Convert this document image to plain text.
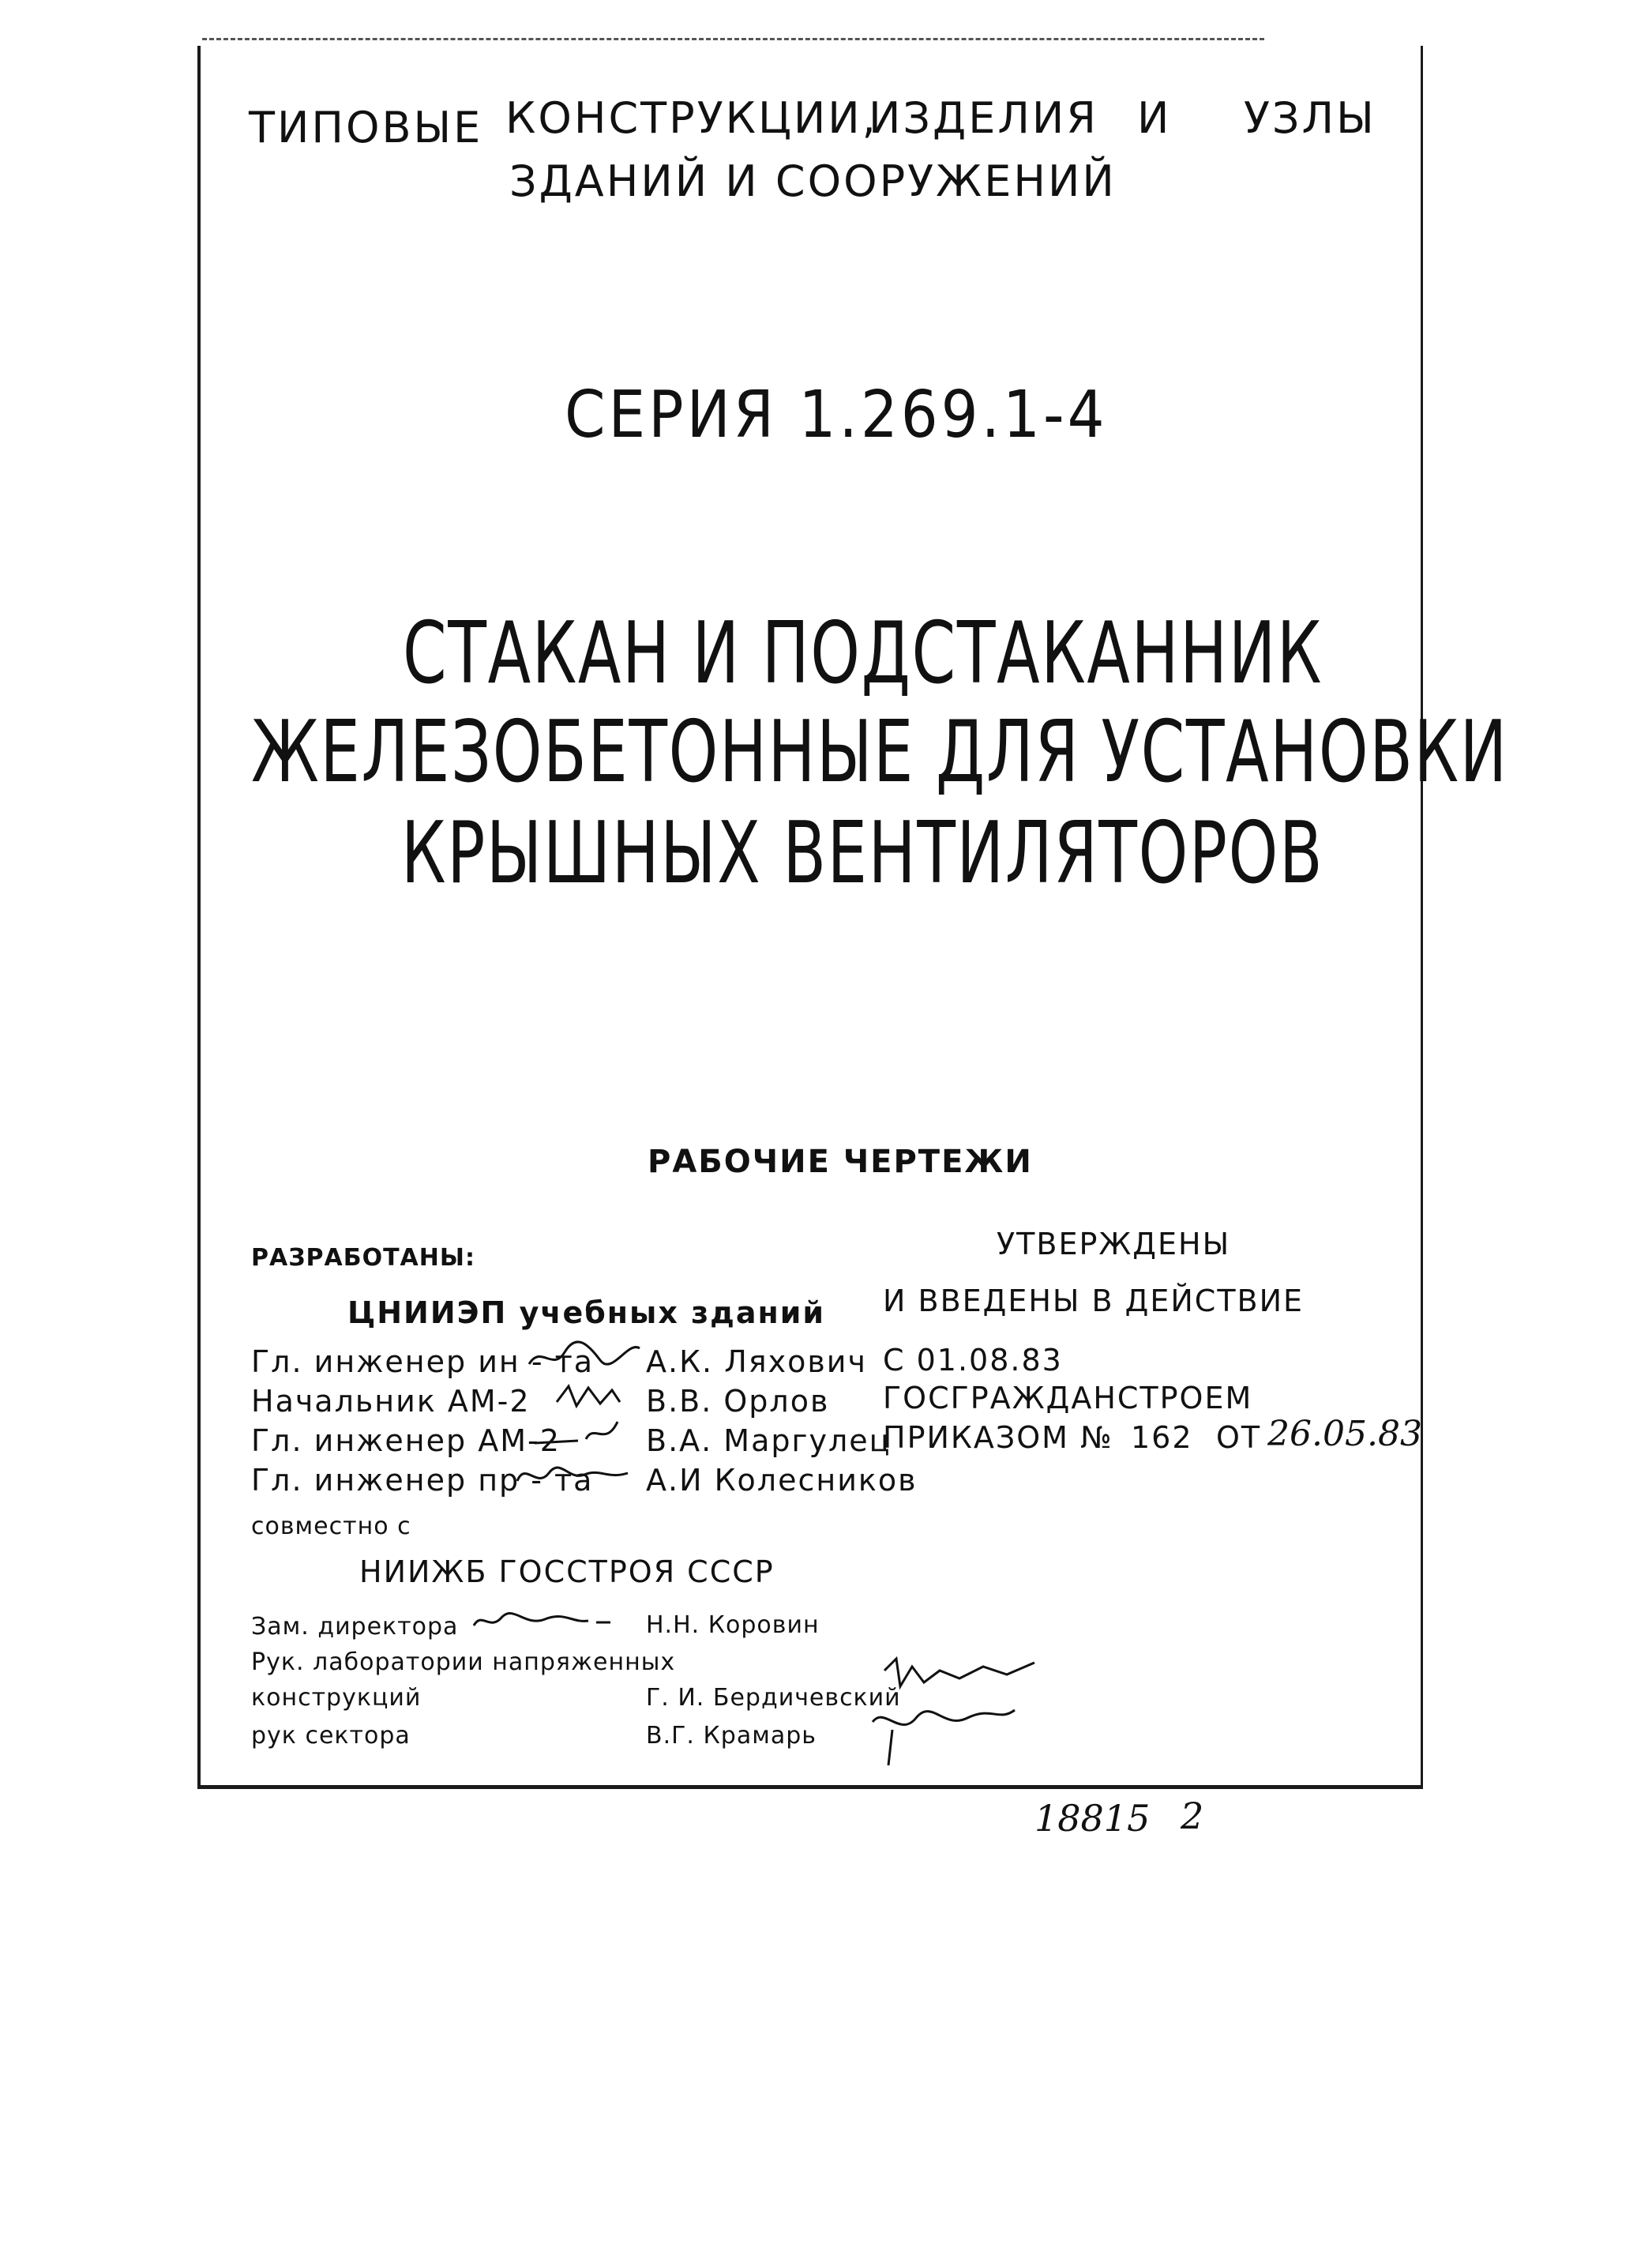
ТИПОВЫЕ КОНСТРУКЦИИ,
ИЗДЕЛИЯ И УЗЛЫ
ЗДАНИЙ И СООРУЖЕНИЙ
СЕРИЯ 1.269.1-4
СТАКАН И ПОДСТАКАННИК
ЖЕЛЕЗОБЕТОННЫЕ ДЛЯ УСТАНОВКИ
КРЫШНЫХ ВЕНТИЛЯТОРОВ
РАБОЧИЕ ЧЕРТЕЖИ
РАЗРАБОТАНЫ:
ЦНИИЭП учебных зданий
Гл. инженер ин - та А.К. Ляхович
Начальник АМ-2	В.В. Орлов
Гл. инженер АМ-2	В.А. Маргулец
Гл. инженер пр - та А.И Колесников
совместно с
НИИЖБ ГОССТРОЯ СССР
Зам. директора	Н.Н. Коровин
Рук. лаборатории напряженных
конструкций	Г. И. Бердичевский
рук сектора	В.Г. Крамарь
УТВЕРЖДЕНЫ
И ВВЕДЕНЫ В ДЕЙСТВИЕ
С 01.08.83
ГОСГРАЖДАНСТРОЕМ
ПРИКАЗОМ № 162 ОТ 26.05.83
18815 2
